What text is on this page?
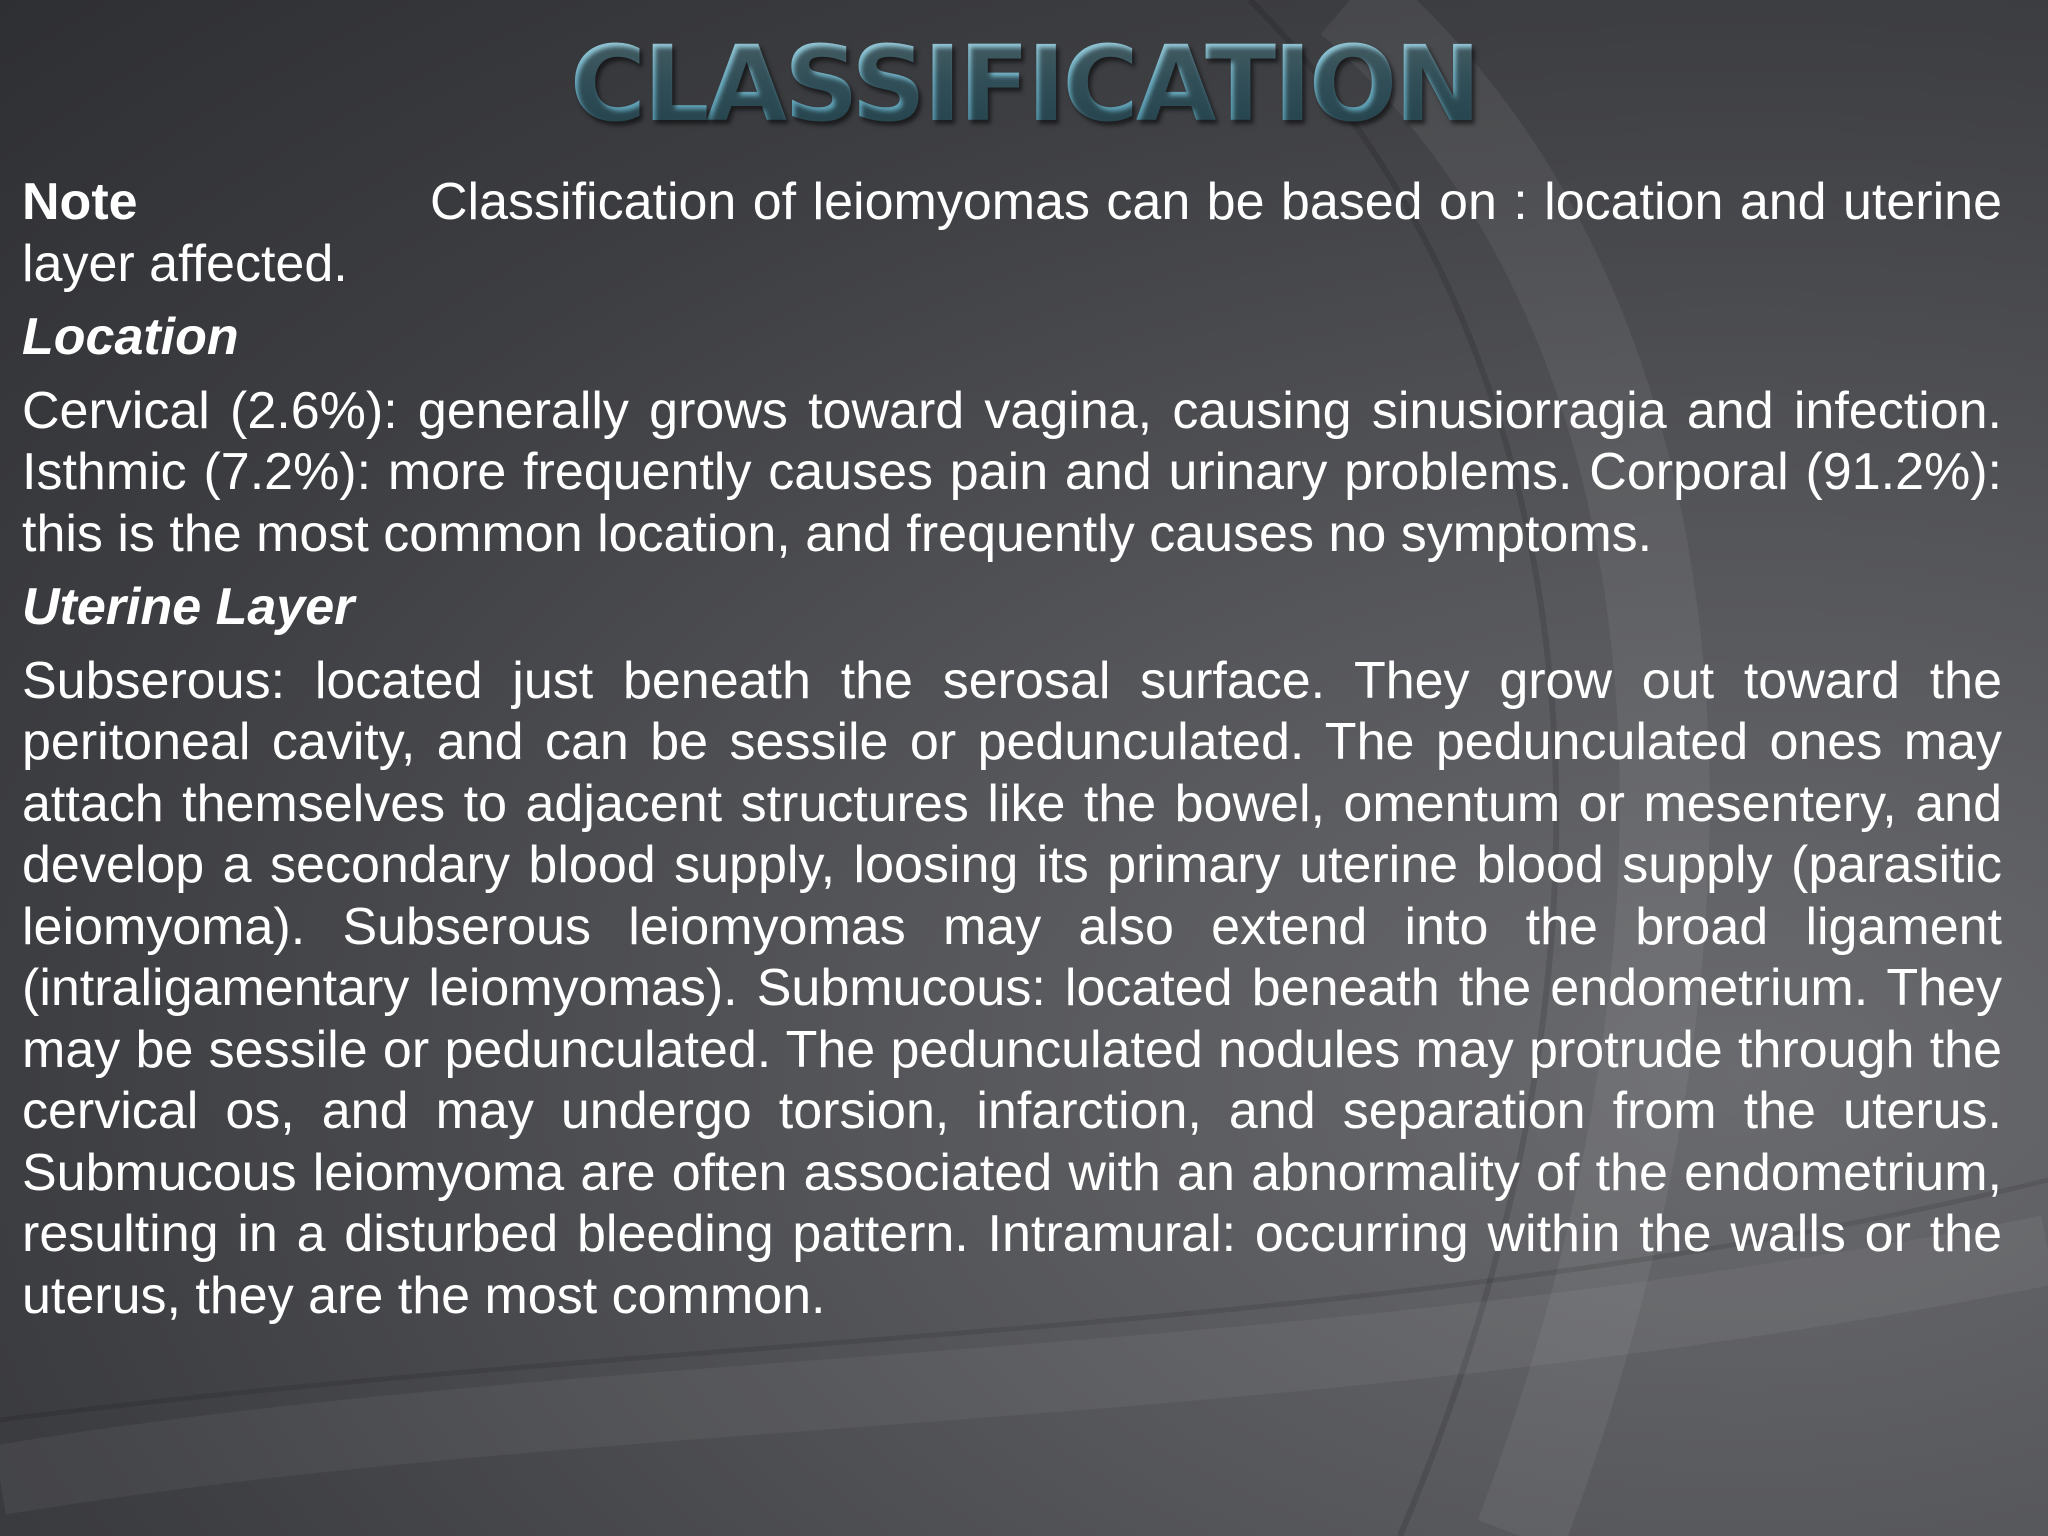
CLASSIFICATION

Note	Classification of leiomyomas can be based on : location and uterine layer affected.

Location

Cervical (2.6%): generally grows toward vagina, causing sinusiorragia and infection. Isthmic (7.2%): more frequently causes pain and urinary problems. Corporal (91.2%): this is the most common location, and frequently causes no symptoms.

Uterine Layer

Subserous: located just beneath the serosal surface. They grow out toward the peritoneal cavity, and can be sessile or pedunculated. The pedunculated ones may attach themselves to adjacent structures like the bowel, omentum or mesentery, and develop a secondary blood supply, loosing its primary uterine blood supply (parasitic leiomyoma). Subserous leiomyomas may also extend into the broad ligament (intraligamentary leiomyomas). Submucous: located beneath the endometrium. They may be sessile or pedunculated. The pedunculated nodules may protrude through the cervical os, and may undergo torsion, infarction, and separation from the uterus. Submucous leiomyoma are often associated with an abnormality of the endometrium, resulting in a disturbed bleeding pattern. Intramural: occurring within the walls or the uterus, they are the most common.
